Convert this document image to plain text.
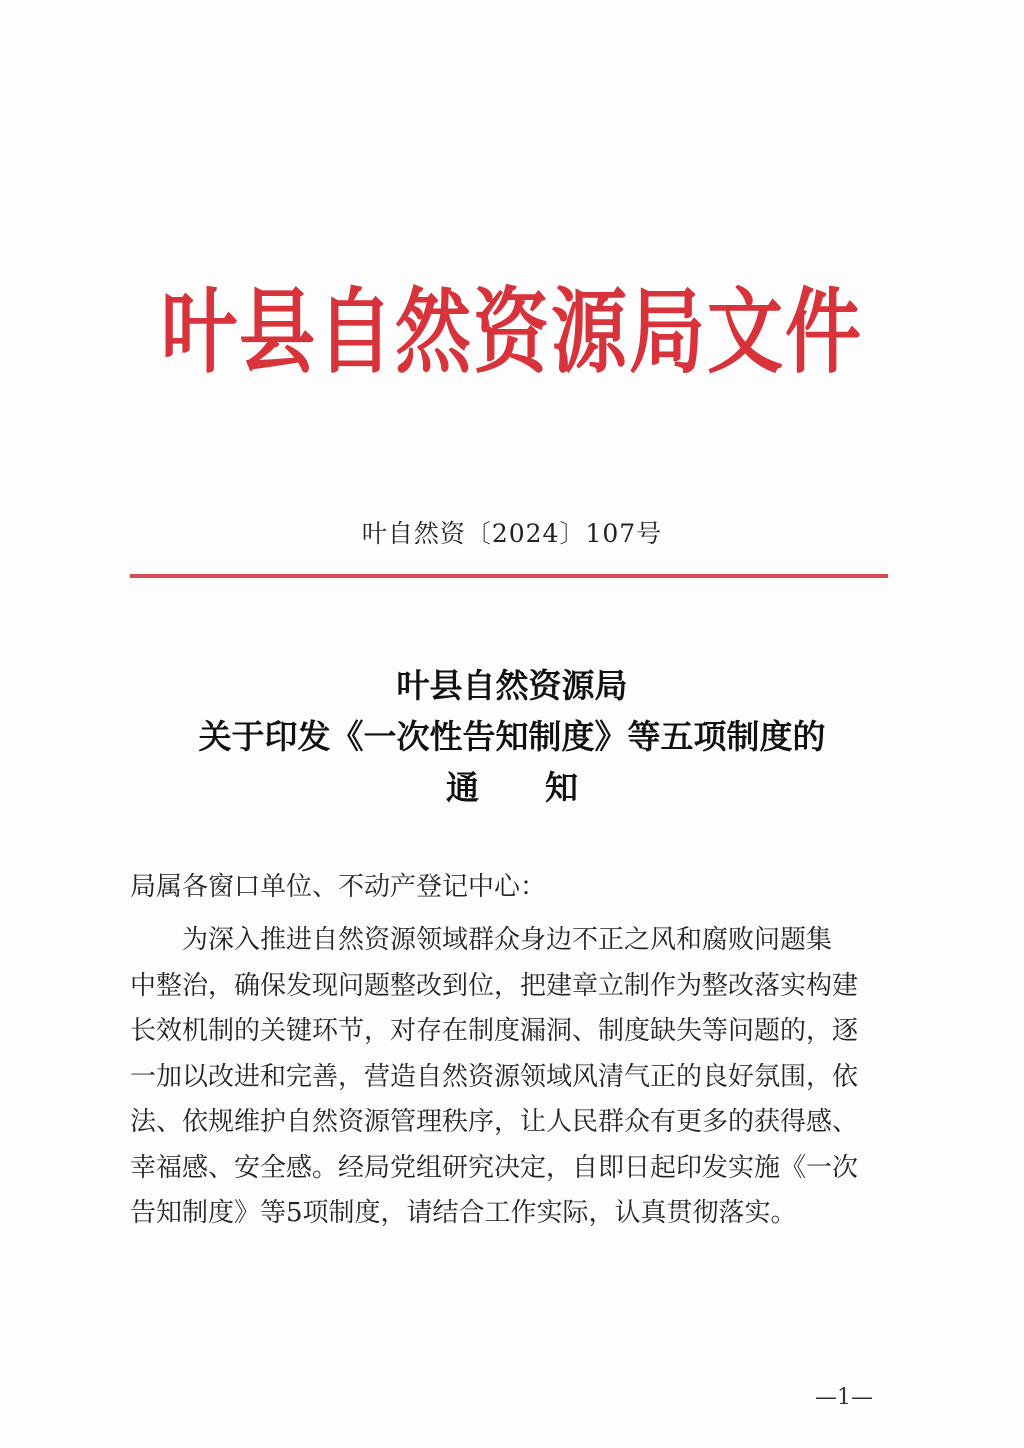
叶县自然资源局文件
叶自然资〔2024〕107号
叶县自然资源局
关于印发《一次性告知制度》等五项制度的
通知
局属各窗口单位、不动产登记中心：
为深入推进自然资源领域群众身边不正之风和腐败问题集
中整治，确保发现问题整改到位，把建章立制作为整改落实构建
长效机制的关键环节，对存在制度漏洞、制度缺失等问题的，逐
一加以改进和完善，营造自然资源领域风清气正的良好氛围，依
法、依规维护自然资源管理秩序，让人民群众有更多的获得感、
幸福感、安全感。经局党组研究决定，自即日起印发实施《一次
告知制度》等5项制度，请结合工作实际，认真贯彻落实。
—1—
